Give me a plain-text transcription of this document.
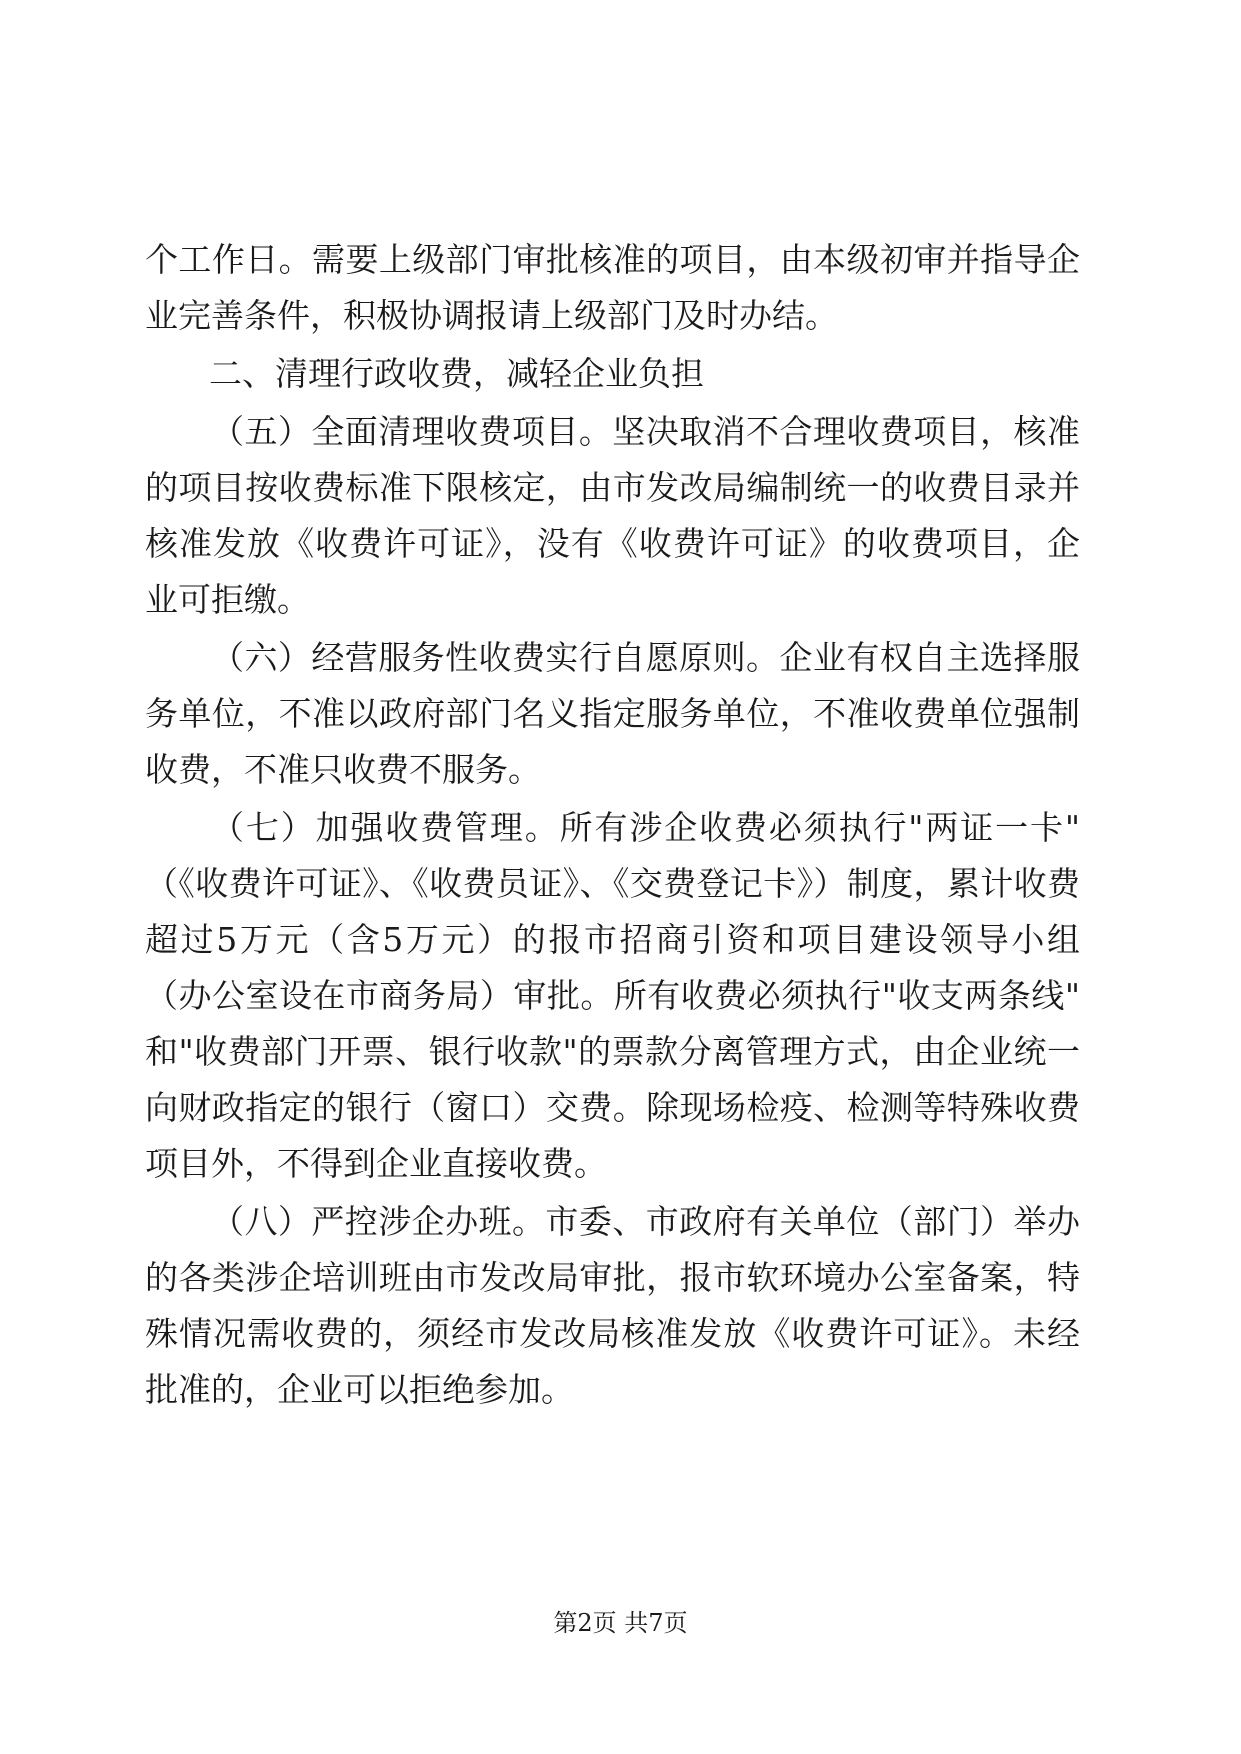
个工作日。需要上级部门审批核准的项目，由本级初审并指导企
业完善条件，积极协调报请上级部门及时办结。
二、清理行政收费，减轻企业负担
（五）全面清理收费项目。坚决取消不合理收费项目，核准
的项目按收费标准下限核定，由市发改局编制统一的收费目录并
核准发放《收费许可证》，没有《收费许可证》的收费项目，企
业可拒缴。
（六）经营服务性收费实行自愿原则。企业有权自主选择服
务单位，不准以政府部门名义指定服务单位，不准收费单位强制
收费，不准只收费不服务。
（七）加强收费管理。所有涉企收费必须执行"两证一卡"
（《收费许可证》、《收费员证》、《交费登记卡》）制度，累计收费
超过5万元（含5万元）的报市招商引资和项目建设领导小组
（办公室设在市商务局）审批。所有收费必须执行"收支两条线"
和"收费部门开票、银行收款"的票款分离管理方式，由企业统一
向财政指定的银行（窗口）交费。除现场检疫、检测等特殊收费
项目外，不得到企业直接收费。
（八）严控涉企办班。市委、市政府有关单位（部门）举办
的各类涉企培训班由市发改局审批，报市软环境办公室备案，特
殊情况需收费的，须经市发改局核准发放《收费许可证》。未经
批准的，企业可以拒绝参加。
第2页 共7页
